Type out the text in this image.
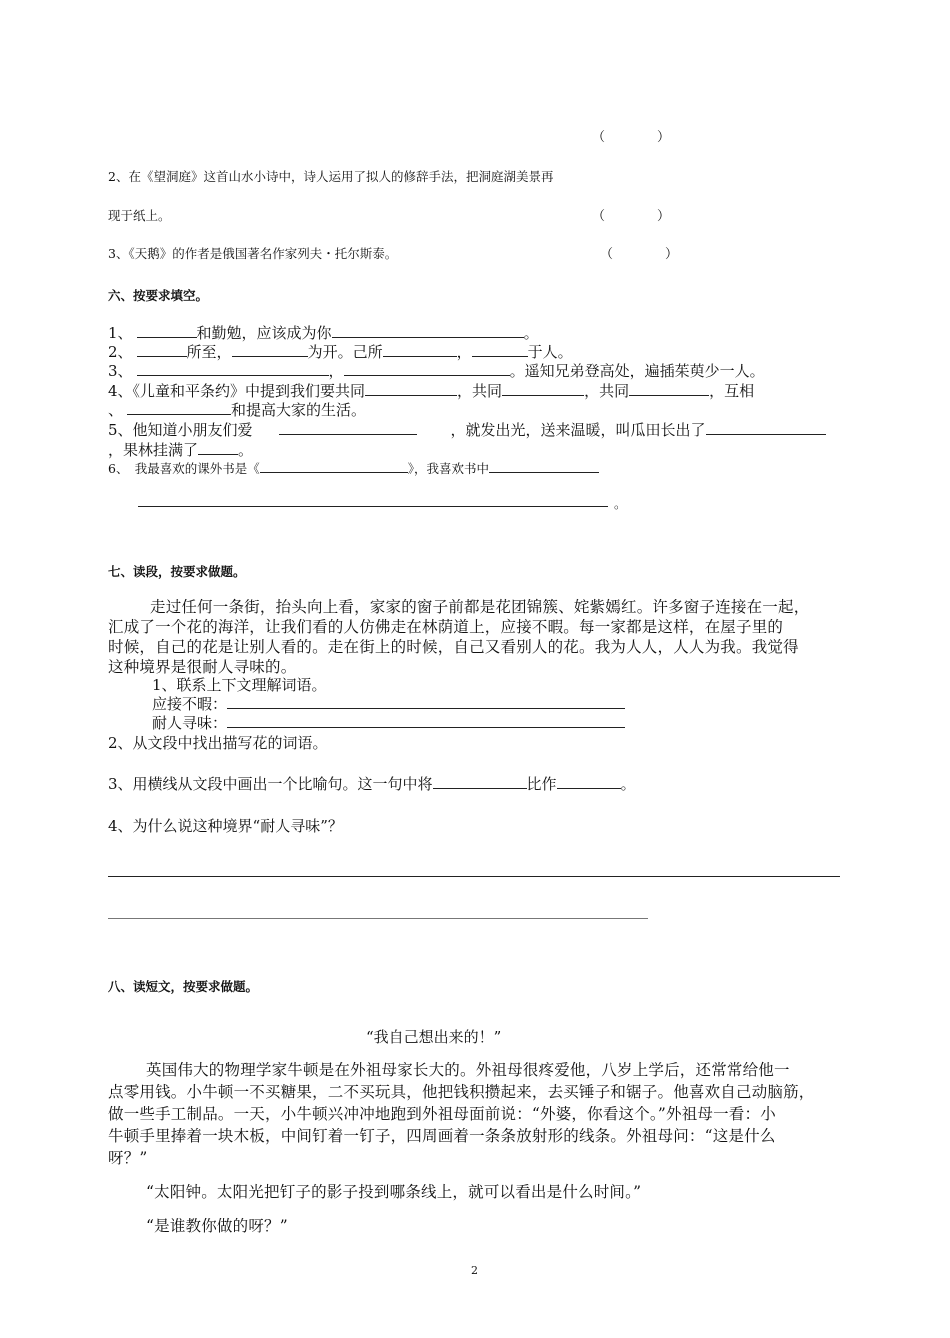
（　　　　）
2、在《望洞庭》这首山水小诗中，诗人运用了拟人的修辞手法，把洞庭湖美景再
现于纸上。	（　　　　）
3、《天鹅》的作者是俄国著名作家列夫・托尔斯泰。	（　　　　）
六、按要求填空。
1、	和勤勉，应该成为你	。
2、	所至，	为开。己所	，	于人。
3、	，	。遥知兄弟登高处，遍插茱萸少一人。
4、《儿童和平条约》中提到我们要共同	，共同	，共同	，互相
、	和提高大家的生活。
5、他知道小朋友们爱	，就发出光，送来温暖，叫瓜田长出了
，果林挂满了	。
6、　我最喜欢的课外书是《	》，我喜欢书中
。
七、读段，按要求做题。
走过任何一条街，抬头向上看，家家的窗子前都是花团锦簇、姹紫嫣红。许多窗子连接在一起，
汇成了一个花的海洋，让我们看的人仿佛走在林荫道上，应接不暇。每一家都是这样，在屋子里的
时候，自己的花是让别人看的。走在街上的时候，自己又看别人的花。我为人人，人人为我。我觉得
这种境界是很耐人寻味的。
1、联系上下文理解词语。
应接不暇：
耐人寻味：
2、从文段中找出描写花的词语。
3、用横线从文段中画出一个比喻句。这一句中将	比作	。
4、为什么说这种境界“耐人寻味”？
八、读短文，按要求做题。
“我自己想出来的！”
英国伟大的物理学家牛顿是在外祖母家长大的。外祖母很疼爱他，八岁上学后，还常常给他一
点零用钱。小牛顿一不买糖果，二不买玩具，他把钱积攒起来，去买锤子和锯子。他喜欢自己动脑筋，
做一些手工制品。一天，小牛顿兴冲冲地跑到外祖母面前说：“外婆，你看这个。”外祖母一看：小
牛顿手里捧着一块木板，中间钉着一钉子，四周画着一条条放射形的线条。外祖母问：“这是什么
呀？”
“太阳钟。太阳光把钉子的影子投到哪条线上，就可以看出是什么时间。”
“是谁教你做的呀？”
2
